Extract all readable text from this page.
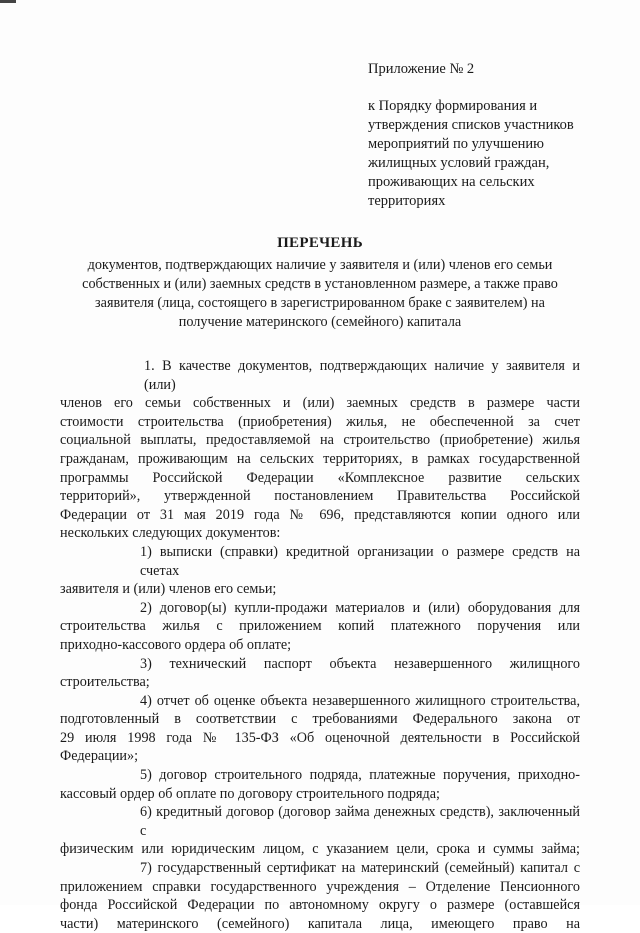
Приложение № 2
к Порядку формирования и
утверждения списков участников
мероприятий по улучшению
жилищных условий граждан,
проживающих на сельских
территориях
ПЕРЕЧЕНЬ
документов, подтверждающих наличие у заявителя и (или) членов его семьи
собственных и (или) заемных средств в установленном размере, а также право
заявителя (лица, состоящего в зарегистрированном браке с заявителем) на
получение материнского (семейного) капитала
1. В качестве документов, подтверждающих наличие у заявителя и (или)
членов его семьи собственных и (или) заемных средств в размере части
стоимости строительства (приобретения) жилья, не обеспеченной за счет
социальной выплаты, предоставляемой на строительство (приобретение) жилья
гражданам, проживающим на сельских территориях, в рамках государственной
программы Российской Федерации «Комплексное развитие сельских
территорий», утвержденной постановлением Правительства Российской
Федерации от 31 мая 2019 года № 696, представляются копии одного или
нескольких следующих документов:
1) выписки (справки) кредитной организации о размере средств на счетах
заявителя и (или) членов его семьи;
2) договор(ы) купли-продажи материалов и (или) оборудования для
строительства жилья с приложением копий платежного поручения или
приходно-кассового ордера об оплате;
3) технический паспорт объекта незавершенного жилищного
строительства;
4) отчет об оценке объекта незавершенного жилищного строительства,
подготовленный в соответствии с требованиями Федерального закона от
29 июля 1998 года № 135-ФЗ «Об оценочной деятельности в Российской
Федерации»;
5) договор строительного подряда, платежные поручения, приходно-
кассовый ордер об оплате по договору строительного подряда;
6) кредитный договор (договор займа денежных средств), заключенный с
физическим или юридическим лицом, с указанием цели, срока и суммы займа;
7) государственный сертификат на материнский (семейный) капитал с
приложением справки государственного учреждения – Отделение Пенсионного
фонда Российской Федерации по автономному округу о размере (оставшейся
части) материнского (семейного) капитала лица, имеющего право на
